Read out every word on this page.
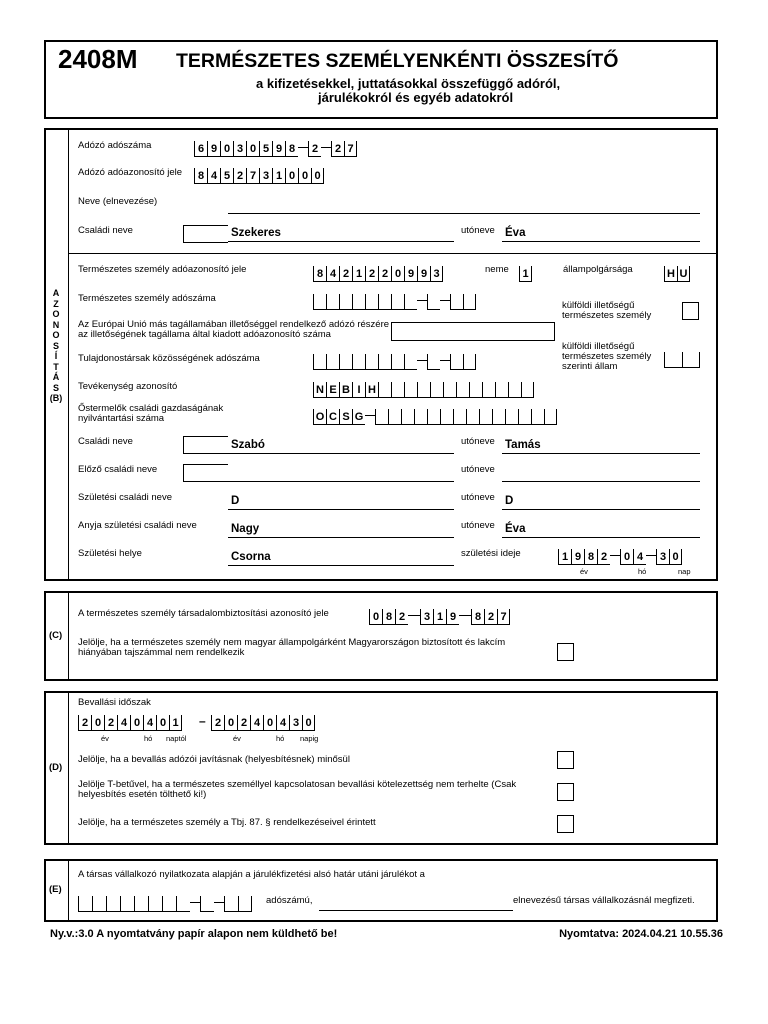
2408M TERMÉSZETES SZEMÉLYENKÉNTI ÖSSZESÍTŐ
a kifizetésekkel, juttatásokkal összefüggő adóról,
járulékokról és egyéb adatokról
A
Z
O
N
O
S
Í
T
Á
S
(B)
Adózó adószáma	6 9 0 3 0 5 9 8	2	2 7
Adózó adóazonosító jele	8 4 5 2 7 3 1 0 0 0
Neve (elnevezése)
Családi neve	Szekeres	utóneve Éva
Természetes személy adóazonosító jele	8 4 2 1 2 2 0 9 9 3	neme	1	állampolgársága	H U
Természetes személy adószáma
külföldi illetőségű természetes személy
Az Európai Unió más tagállamában illetőséggel rendelkező adózó részére az illetőségének tagállama által kiadott adóazonosító száma
külföldi illetőségű természetes személy szerinti állam
Tulajdonostársak közösségének adószáma
Tevékenység azonosító	N E B I H
Őstermelők családi gazdaságának nyilvántartási száma	O C S G
Családi neve	Szabó	utóneve Tamás
Előző családi neve	utóneve
Születési családi neve	D	utóneve D
Anyja születési családi neve	Nagy	utóneve Éva
Születési helye	Csorna	születési ideje	1 9 8 2	0 4	3 0
év	hó	nap
(C)
A természetes személy társadalombiztosítási azonosító jele	0 8 2	3 1 9	8 2 7
Jelölje, ha a természetes személy nem magyar állampolgárként Magyarországon biztosított és lakcím hiányában tajszámmal nem rendelkezik
(D)
Bevallási időszak
2 0 2 4 0 4 0 1 – 2 0 2 4 0 4 3 0
év	hó naptól	év	hó napig
Jelölje, ha a bevallás adózói javításnak (helyesbítésnek) minősül
Jelölje T-betűvel, ha a természetes személlyel kapcsolatosan bevallási kötelezettség nem terhelte (Csak helyesbítés esetén tölthető ki!)
Jelölje, ha a természetes személy a Tbj. 87. § rendelkezéseivel érintett
(E)
A társas vállalkozó nyilatkozata alapján a járulékfizetési alsó határ utáni járulékot a
adószámú,	elnevezésű társas vállalkozásnál megfizeti.
Ny.v.:3.0 A nyomtatvány papír alapon nem küldhető be!	Nyomtatva: 2024.04.21 10.55.36
